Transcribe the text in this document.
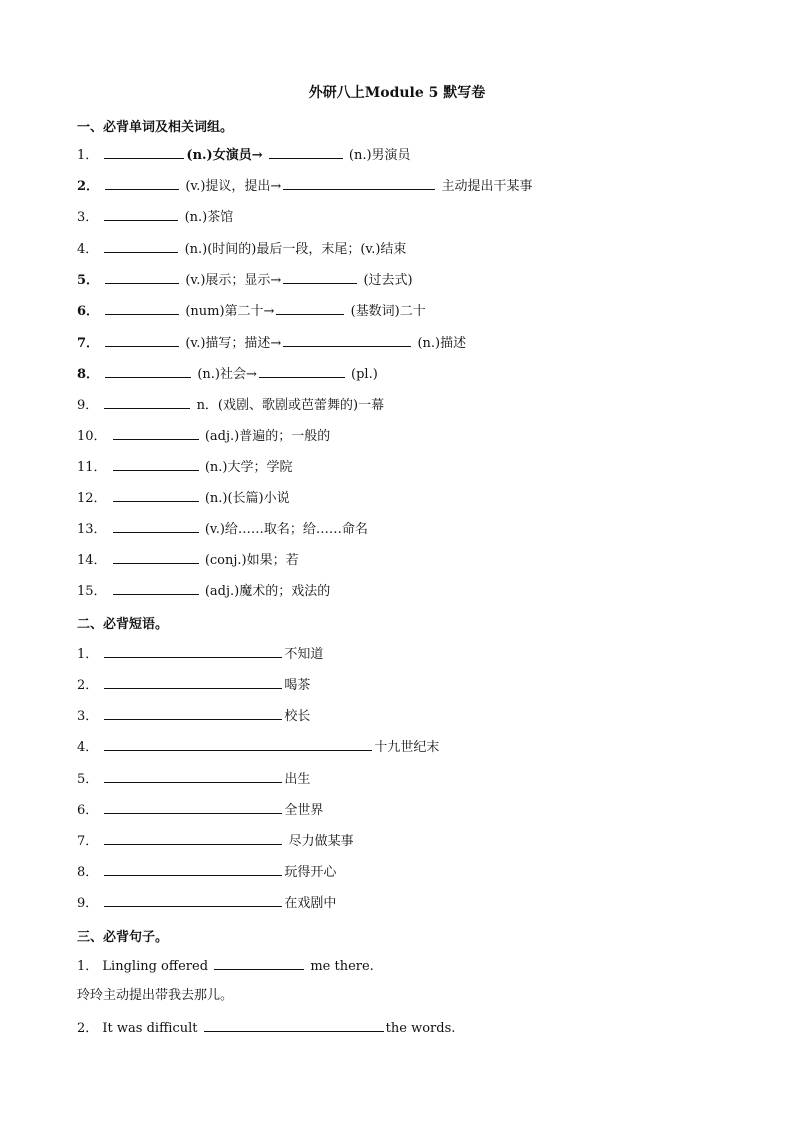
外研八上Module 5 默写卷
一、必背单词及相关词组。
1．	(n.)女演员→	(n.)男演员
2．	(v.)提议，提出→	主动提出干某事
3．	(n.)茶馆
4．	(n.)(时间的)最后一段，末尾；(v.)结束
5．	(v.)展示；显示→	(过去式)
6．	(num)第二十→	(基数词)二十
7．	(v.)描写；描述→	(n.)描述
8．	(n.)社会→	(pl.)
9．	n．(戏剧、歌剧或芭蕾舞的)一幕
10．	(adj.)普遍的；一般的
11．	(n.)大学；学院
12．	(n.)(长篇)小说
13．	(v.)给……取名；给……命名
14．	(conj.)如果；若
15．	(adj.)魔术的；戏法的
二、必背短语。
1．	不知道
2．	喝茶
3．	校长
4．	十九世纪末
5．	出生
6．	全世界
7．	尽力做某事
8．	玩得开心
9．	在戏剧中
三、必背句子。
1． Lingling offered	me there.
玲玲主动提出带我去那儿。
2． It was difficult	the words.
